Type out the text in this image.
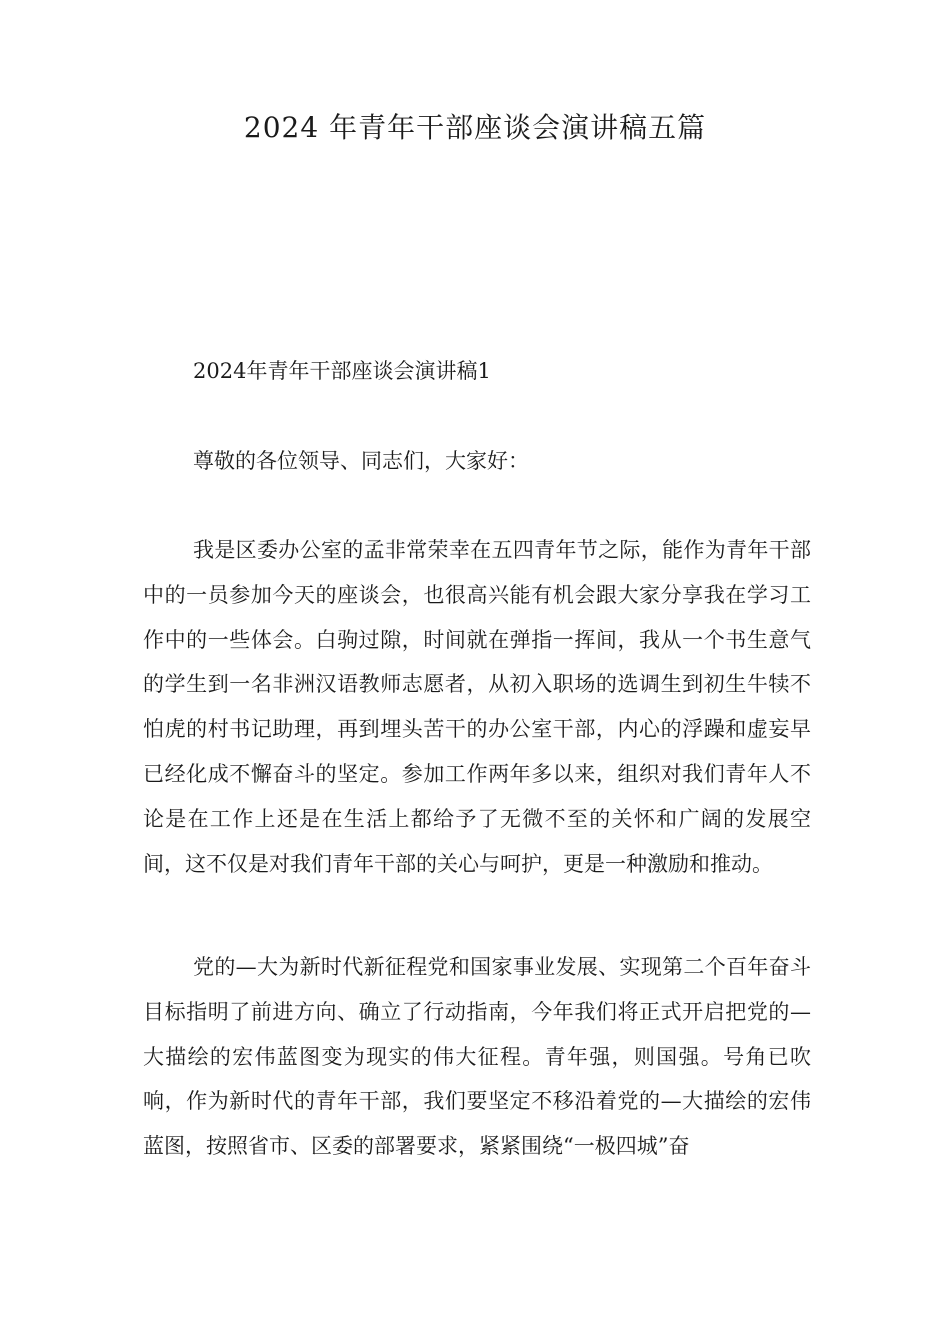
2024 年青年干部座谈会演讲稿五篇
2024年青年干部座谈会演讲稿1

尊敬的各位领导、同志们，大家好：

我是区委办公室的孟非常荣幸在五四青年节之际，能作为青年干部中的一员参加今天的座谈会，也很高兴能有机会跟大家分享我在学习工作中的一些体会。白驹过隙，时间就在弹指一挥间，我从一个书生意气的学生到一名非洲汉语教师志愿者，从初入职场的选调生到初生牛犊不怕虎的村书记助理，再到埋头苦干的办公室干部，内心的浮躁和虚妄早已经化成不懈奋斗的坚定。参加工作两年多以来，组织对我们青年人不论是在工作上还是在生活上都给予了无微不至的关怀和广阔的发展空间，这不仅是对我们青年干部的关心与呵护，更是一种激励和推动。

党的—大为新时代新征程党和国家事业发展、实现第二个百年奋斗目标指明了前进方向、确立了行动指南，今年我们将正式开启把党的—大描绘的宏伟蓝图变为现实的伟大征程。青年强，则国强。号角已吹响，作为新时代的青年干部，我们要坚定不移沿着党的—大描绘的宏伟蓝图，按照省市、区委的部署要求，紧紧围绕“一极四城”奋
